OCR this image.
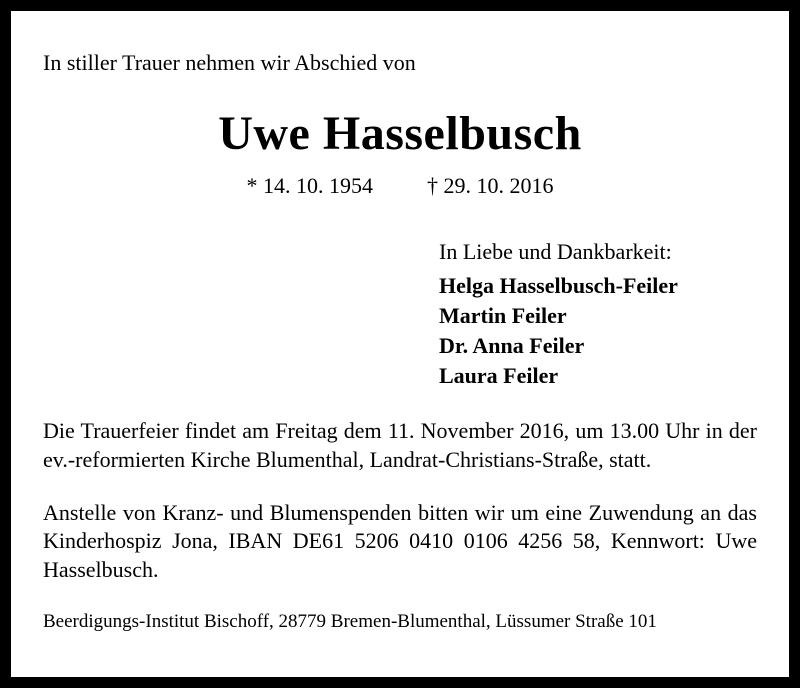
In stiller Trauer nehmen wir Abschied von
Uwe Hasselbusch
* 14. 10. 1954 † 29. 10. 2016
In Liebe und Dankbarkeit:
Helga Hasselbusch-Feiler
Martin Feiler
Dr. Anna Feiler
Laura Feiler

Die Trauerfeier findet am Freitag dem 11. November 2016, um 13.00 Uhr in der ev.-reformierten Kirche Blumenthal, Landrat-Christians-Straße, statt.

Anstelle von Kranz- und Blumenspenden bitten wir um eine Zuwendung an das Kinderhospiz Jona, IBAN DE61 5206 0410 0106 4256 58, Kennwort: Uwe Hasselbusch.

Beerdigungs-Institut Bischoff, 28779 Bremen-Blumenthal, Lüssumer Straße 101
